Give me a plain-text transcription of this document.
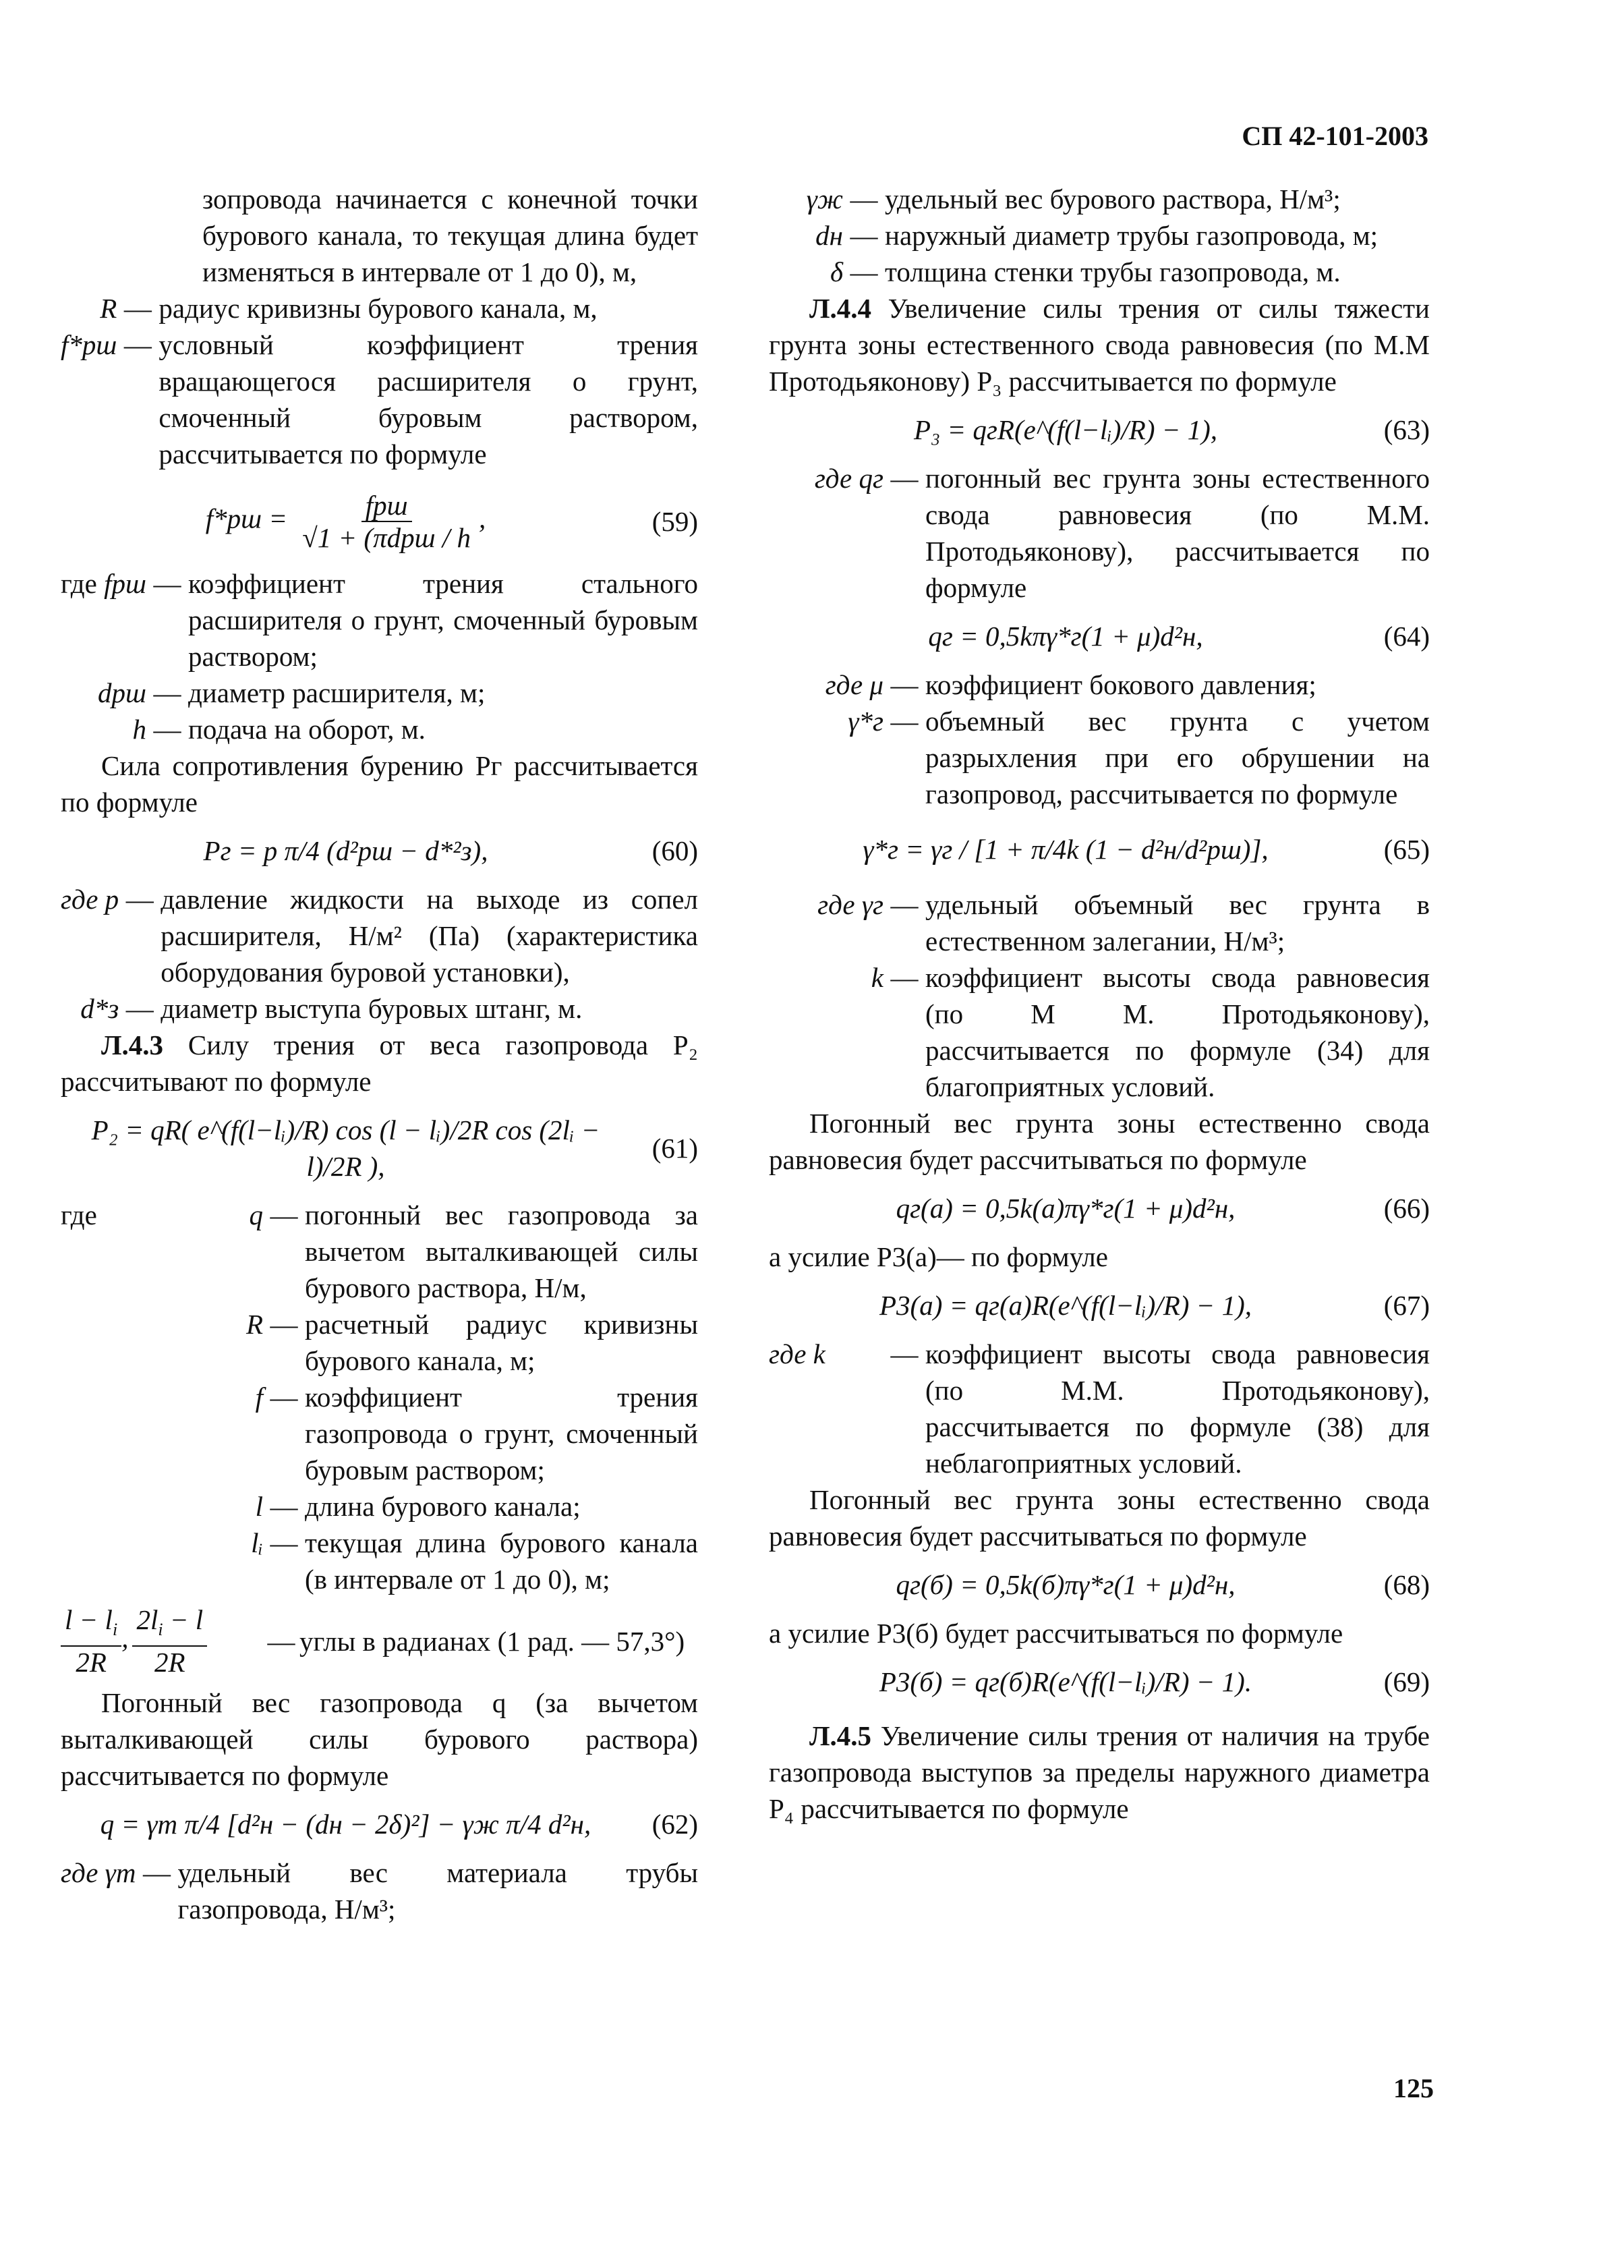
СП 42-101-2003

зопровода начинается с конечной точки бурового канала, то текущая длина будет изменяться в интервале от 1 до 0), м,

R — радиус кривизны бурового канала, м,
f*рш — условный коэффициент трения вращающегося расширителя о грунт, смоченный буровым раствором, рассчитывается по формуле
$f*рш = \frac{\text{fрш}}{\text{√1 + (πdрш / h}}$ ,	(59)
где fрш — коэффициент трения стального расширителя о грунт, смоченный буровым раствором;
dрш — диаметр расширителя, м;
h — подача на оборот, м.

Сила сопротивления бурению Pг рассчитывается по формуле

Pг = p π/4 (d²рш − d*²з),	(60)
где p — давление жидкости на выходе из сопел расширителя, Н/м² (Па) (характеристика оборудования буровой установки),
d*з — диаметр выступа буровых штанг, м.

Л.4.3 Силу трения от веса газопровода P₂ рассчитывают по формуле

P₂ = qR( e^(f(l−lᵢ)/R) cos (l − lᵢ)/2R cos (2lᵢ − l)/2R ),
(61)
где	q — погонный вес газопровода за вычетом выталкивающей силы бурового раствора, Н/м,
R — расчетный радиус кривизны бурового канала, м;
f — коэффициент трения газопровода о грунт, смоченный буровым раствором;
l — длина бурового канала;
lᵢ — текущая длина бурового канала (в интервале от 1 до 0), м;
$\frac{l - l_i}{2R}$ , $\frac{2l_i - l}{2R}$ — углы в радианах (1 рад. — 57,3°)

Погонный вес газопровода q (за вычетом выталкивающей силы бурового раствора) рассчитывается по формуле

q = γт π/4 [d²н − (dн − 2δ)²] − γж π/4 d²н,	(62)
где γт — удельный вес материала трубы газопровода, Н/м³;
γж — удельный вес бурового раствора, Н/м³;
dн — наружный диаметр трубы газопровода, м;
δ — толщина стенки трубы газопровода, м.

Л.4.4 Увеличение силы трения от силы тяжести грунта зоны естественного свода равновесия (по М.М Протодьяконову) P₃ рассчитывается по формуле

P₃ = qгR(e^(f(l−lᵢ)/R) − 1),	(63)
где qг — погонный вес грунта зоны естественного свода равновесия (по М.М. Протодьяконову), рассчитывается по формуле
qг = 0,5kπγ*г(1 + μ)d²н,	(64)
где μ — коэффициент бокового давления;
γ*г — объемный вес грунта с учетом разрыхления при его обрушении на газопровод, рассчитывается по формуле
γ*г = γг / [1 + π/4k (1 − d²н/d²рш)],	(65)
где γг — удельный объемный вес грунта в естественном залегании, Н/м³;
k — коэффициент высоты свода равновесия (по М М. Протодьяконову), рассчитывается по формуле (34) для благоприятных условий.

Погонный вес грунта зоны естественно свода равновесия будет рассчитываться по формуле

qг(а) = 0,5k(а)πγ*г(1 + μ)d²н,	(66)

а усилие P3(а)— по формуле

P3(а) = qг(а)R(e^(f(l−lᵢ)/R) − 1),	(67)
где k	— коэффициент высоты свода равновесия (по М.М. Протодьяконову), рассчитывается по формуле (38) для неблагоприятных условий.

Погонный вес грунта зоны естественно свода равновесия будет рассчитываться по формуле

qг(б) = 0,5k(б)πγ*г(1 + μ)d²н,	(68)

а усилие P3(б) будет рассчитываться по формуле

P3(б) = qг(б)R(e^(f(l−lᵢ)/R) − 1).	(69)

Л.4.5 Увеличение силы трения от наличия на трубе газопровода выступов за пределы наружного диаметра P₄ рассчитывается по формуле

125
